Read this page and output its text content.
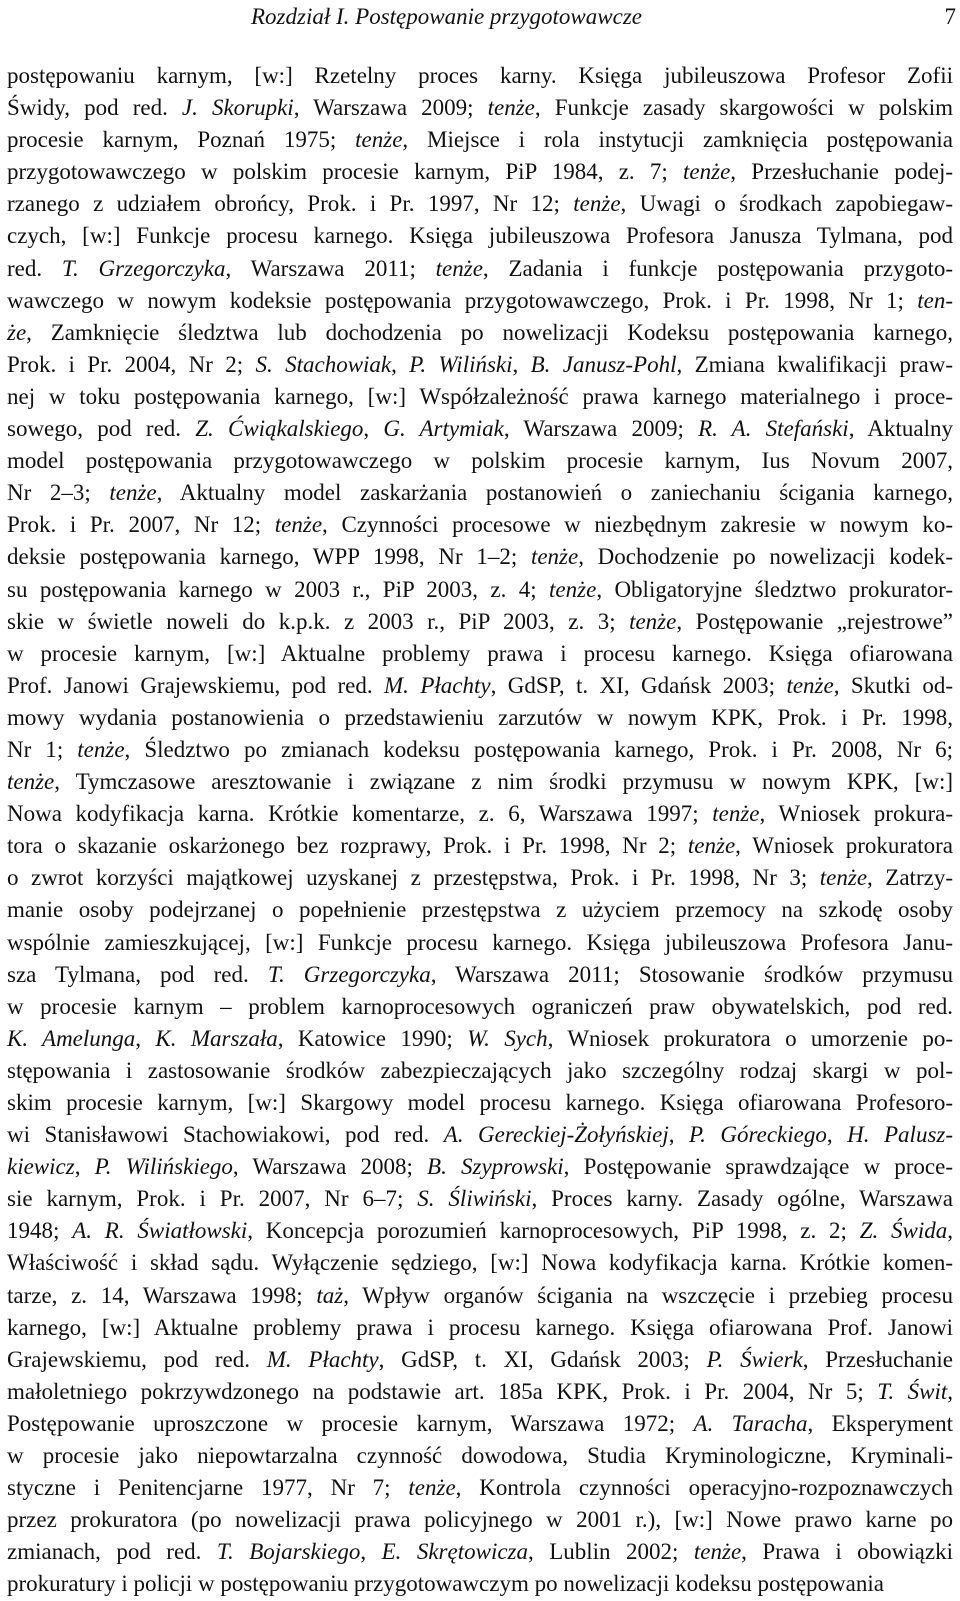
Rozdział I. Postępowanie przygotowawcze	7
postępowaniu karnym, [w:] Rzetelny proces karny. Księga jubileuszowa Profesor Zofii
Świdy, pod red. J. Skorupki, Warszawa 2009; tenże, Funkcje zasady skargowości w polskim
procesie karnym, Poznań 1975; tenże, Miejsce i rola instytucji zamknięcia postępowania
przygotowawczego w polskim procesie karnym, PiP 1984, z. 7; tenże, Przesłuchanie podej-
rzanego z udziałem obrońcy, Prok. i Pr. 1997, Nr 12; tenże, Uwagi o środkach zapobiegaw-
czych, [w:] Funkcje procesu karnego. Księga jubileuszowa Profesora Janusza Tylmana, pod
red. T. Grzegorczyka, Warszawa 2011; tenże, Zadania i funkcje postępowania przygoto-
wawczego w nowym kodeksie postępowania przygotowawczego, Prok. i Pr. 1998, Nr 1; ten-
że, Zamknięcie śledztwa lub dochodzenia po nowelizacji Kodeksu postępowania karnego,
Prok. i Pr. 2004, Nr 2; S. Stachowiak, P. Wiliński, B. Janusz-Pohl, Zmiana kwalifikacji praw-
nej w toku postępowania karnego, [w:] Współzależność prawa karnego materialnego i proce-
sowego, pod red. Z. Ćwiąkalskiego, G. Artymiak, Warszawa 2009; R. A. Stefański, Aktualny
model postępowania przygotowawczego w polskim procesie karnym, Ius Novum 2007,
Nr 2–3; tenże, Aktualny model zaskarżania postanowień o zaniechaniu ścigania karnego,
Prok. i Pr. 2007, Nr 12; tenże, Czynności procesowe w niezbędnym zakresie w nowym ko-
deksie postępowania karnego, WPP 1998, Nr 1–2; tenże, Dochodzenie po nowelizacji kodek-
su postępowania karnego w 2003 r., PiP 2003, z. 4; tenże, Obligatoryjne śledztwo prokurator-
skie w świetle noweli do k.p.k. z 2003 r., PiP 2003, z. 3; tenże, Postępowanie „rejestrowe”
w procesie karnym, [w:] Aktualne problemy prawa i procesu karnego. Księga ofiarowana
Prof. Janowi Grajewskiemu, pod red. M. Płachty, GdSP, t. XI, Gdańsk 2003; tenże, Skutki od-
mowy wydania postanowienia o przedstawieniu zarzutów w nowym KPK, Prok. i Pr. 1998,
Nr 1; tenże, Śledztwo po zmianach kodeksu postępowania karnego, Prok. i Pr. 2008, Nr 6;
tenże, Tymczasowe aresztowanie i związane z nim środki przymusu w nowym KPK, [w:]
Nowa kodyfikacja karna. Krótkie komentarze, z. 6, Warszawa 1997; tenże, Wniosek prokura-
tora o skazanie oskarżonego bez rozprawy, Prok. i Pr. 1998, Nr 2; tenże, Wniosek prokuratora
o zwrot korzyści majątkowej uzyskanej z przestępstwa, Prok. i Pr. 1998, Nr 3; tenże, Zatrzy-
manie osoby podejrzanej o popełnienie przestępstwa z użyciem przemocy na szkodę osoby
wspólnie zamieszkującej, [w:] Funkcje procesu karnego. Księga jubileuszowa Profesora Janu-
sza Tylmana, pod red. T. Grzegorczyka, Warszawa 2011; Stosowanie środków przymusu
w procesie karnym – problem karnoprocesowych ograniczeń praw obywatelskich, pod red.
K. Amelunga, K. Marszała, Katowice 1990; W. Sych, Wniosek prokuratora o umorzenie po-
stępowania i zastosowanie środków zabezpieczających jako szczególny rodzaj skargi w pol-
skim procesie karnym, [w:] Skargowy model procesu karnego. Księga ofiarowana Profesoro-
wi Stanisławowi Stachowiakowi, pod red. A. Gereckiej-Żołyńskiej, P. Góreckiego, H. Palusz-
kiewicz, P. Wilińskiego, Warszawa 2008; B. Szyprowski, Postępowanie sprawdzające w proce-
sie karnym, Prok. i Pr. 2007, Nr 6–7; S. Śliwiński, Proces karny. Zasady ogólne, Warszawa
1948; A. R. Światłowski, Koncepcja porozumień karnoprocesowych, PiP 1998, z. 2; Z. Świda,
Właściwość i skład sądu. Wyłączenie sędziego, [w:] Nowa kodyfikacja karna. Krótkie komen-
tarze, z. 14, Warszawa 1998; taż, Wpływ organów ścigania na wszczęcie i przebieg procesu
karnego, [w:] Aktualne problemy prawa i procesu karnego. Księga ofiarowana Prof. Janowi
Grajewskiemu, pod red. M. Płachty, GdSP, t. XI, Gdańsk 2003; P. Świerk, Przesłuchanie
małoletniego pokrzywdzonego na podstawie art. 185a KPK, Prok. i Pr. 2004, Nr 5; T. Świt,
Postępowanie uproszczone w procesie karnym, Warszawa 1972; A. Taracha, Eksperyment
w procesie jako niepowtarzalna czynność dowodowa, Studia Kryminologiczne, Kryminali-
styczne i Penitencjarne 1977, Nr 7; tenże, Kontrola czynności operacyjno-rozpoznawczych
przez prokuratora (po nowelizacji prawa policyjnego w 2001 r.), [w:] Nowe prawo karne po
zmianach, pod red. T. Bojarskiego, E. Skrętowicza, Lublin 2002; tenże, Prawa i obowiązki
prokuratury i policji w postępowaniu przygotowawczym po nowelizacji kodeksu postępowania
